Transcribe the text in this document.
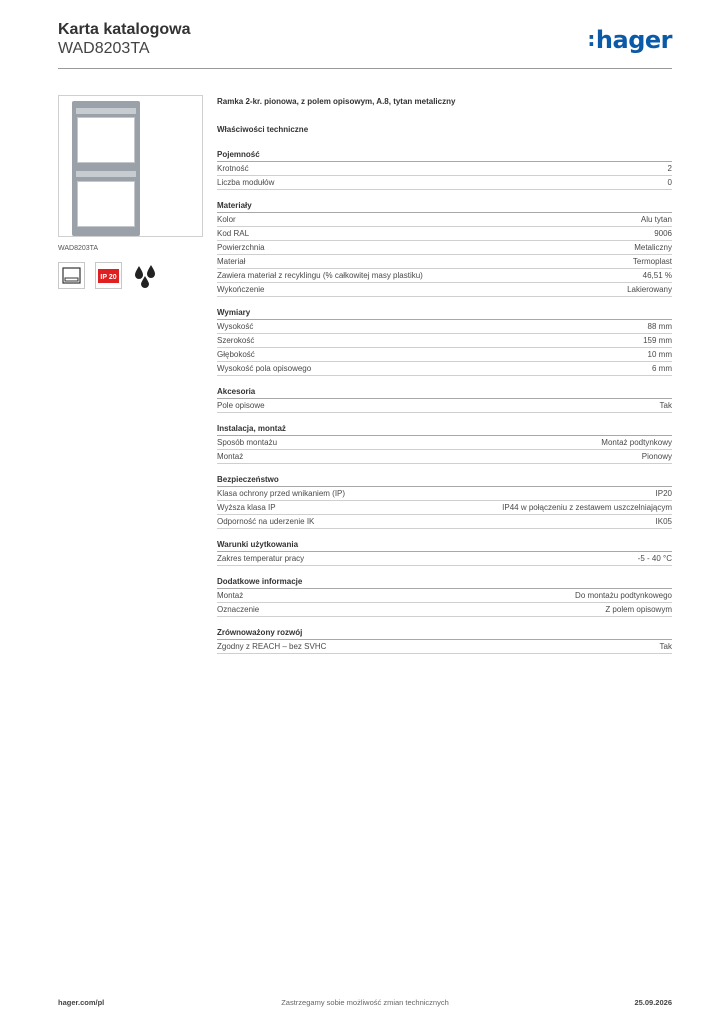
Karta katalogowa
WAD8203TA	:hager
WAD8203TA
IP 20
Ramka 2-kr. pionowa, z polem opisowym, A.8, tytan metaliczny
Właściwości techniczne
Pojemność
Krotność	2
Liczba modułów	0
Materiały
Kolor	Alu tytan
Kod RAL	9006
Powierzchnia	Metaliczny
Materiał	Termoplast
Zawiera materiał z recyklingu (% całkowitej masy plastiku)	46,51 %
Wykończenie	Lakierowany
Wymiary
Wysokość	88 mm
Szerokość	159 mm
Głębokość	10 mm
Wysokość pola opisowego	6 mm
Akcesoria
Pole opisowe	Tak
Instalacja, montaż
Sposób montażu	Montaż podtynkowy
Montaż	Pionowy
Bezpieczeństwo
Klasa ochrony przed wnikaniem (IP)	IP20
Wyższa klasa IP	IP44 w połączeniu z zestawem uszczelniającym
Odporność na uderzenie IK	IK05
Warunki użytkowania
Zakres temperatur pracy	-5 - 40 °C
Dodatkowe informacje
Montaż	Do montażu podtynkowego
Oznaczenie	Z polem opisowym
Zrównoważony rozwój
Zgodny z REACH – bez SVHC	Tak
Zastrzegamy sobie możliwość zmian technicznych
hager.com/pl	25.09.2026
